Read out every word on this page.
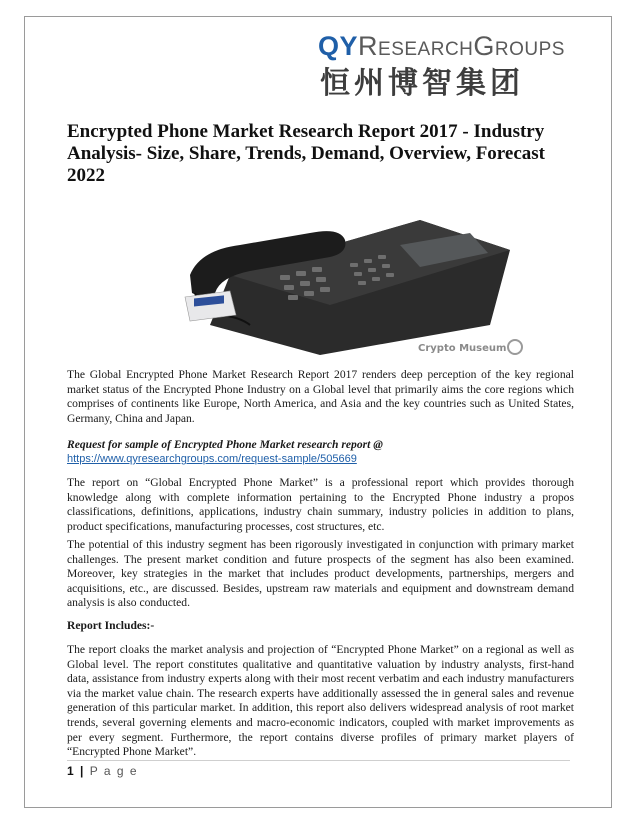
QYRESEARCHGROUPS
恒州博智集团
Encrypted Phone Market Research Report 2017 - Industry Analysis- Size, Share, Trends, Demand, Overview, Forecast 2022
Crypto Museum

The Global Encrypted Phone Market Research Report 2017 renders deep perception of the key regional market status of the Encrypted Phone Industry on a Global level that primarily aims the core regions which comprises of continents like Europe, North America, and Asia and the key countries such as United States, Germany, China and Japan.

Request for sample of Encrypted Phone Market research report @

https://www.qyresearchgroups.com/request-sample/505669

The report on “Global Encrypted Phone Market” is a professional report which provides thorough knowledge along with complete information pertaining to the Encrypted Phone industry a propos classifications, definitions, applications, industry chain summary, industry policies in addition to plans, product specifications, manufacturing processes, cost structures, etc.

The potential of this industry segment has been rigorously investigated in conjunction with primary market challenges. The present market condition and future prospects of the segment has also been examined. Moreover, key strategies in the market that includes product developments, partnerships, mergers and acquisitions, etc., are discussed. Besides, upstream raw materials and equipment and downstream demand analysis is also conducted.

Report Includes:-

The report cloaks the market analysis and projection of “Encrypted Phone Market” on a regional as well as Global level. The report constitutes qualitative and quantitative valuation by industry analysts, first-hand data, assistance from industry experts along with their most recent verbatim and each industry manufacturers via the market value chain. The research experts have additionally assessed the in general sales and revenue generation of this particular market. In addition, this report also delivers widespread analysis of root market trends, several governing elements and macro-economic indicators, coupled with market improvements as per every segment. Furthermore, the report contains diverse profiles of primary market players of “Encrypted Phone Market”.

1 | P a g e
